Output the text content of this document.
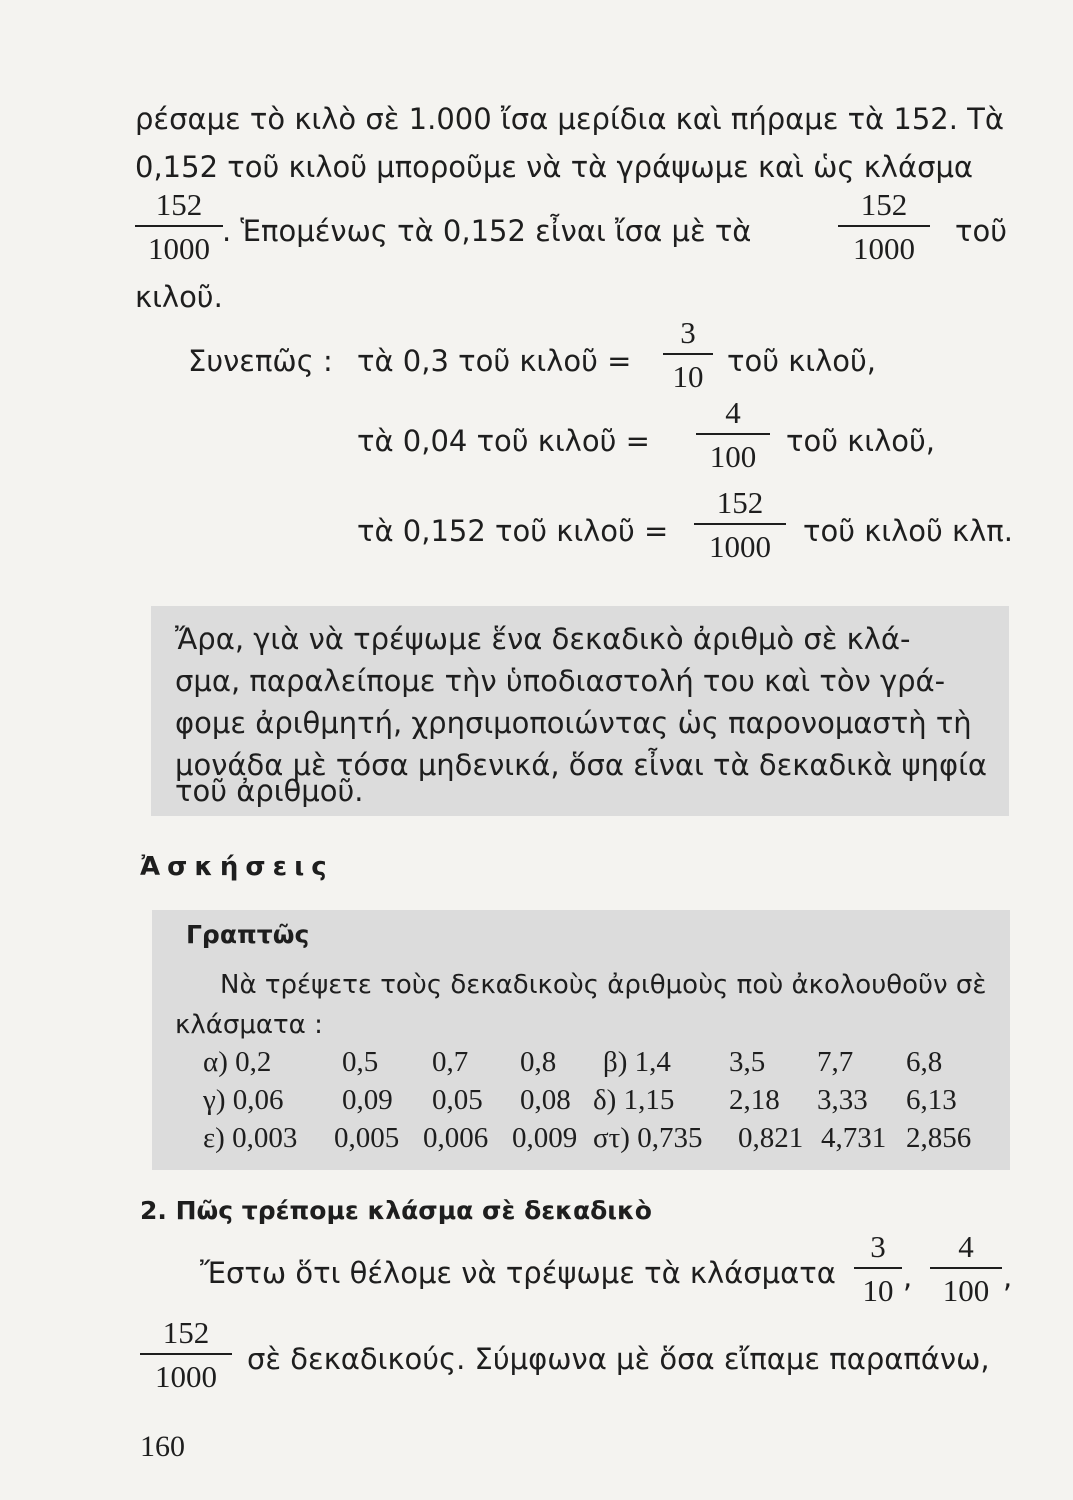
ρέσαμε τὸ κιλὸ σὲ 1.000 ἴσα μερίδια καὶ πήραμε τὰ 152. Τὰ
0,152 τοῦ κιλοῦ μποροῦμε νὰ τὰ γράψωμε καὶ ὡς κλάσμα
152
1000 . Ἑπομένως τὰ 0,152 εἶναι ἴσα μὲ τὰ
152
1000	τοῦ
κιλοῦ.
Συνεπῶς : τὰ 0,3 τοῦ κιλοῦ =
3
10 τοῦ κιλοῦ,
τὰ 0,04 τοῦ κιλοῦ =
4
100	τοῦ κιλοῦ,
τὰ 0,152 τοῦ κιλοῦ =
152
1000	τοῦ κιλοῦ κλπ.
Ἄρα, γιὰ νὰ τρέψωμε ἕνα δεκαδικὸ ἀριθμὸ σὲ κλά-
σμα, παραλείπομε τὴν ὑποδιαστολή του καὶ τὸν γρά-
φομε ἀριθμητή, χρησιμοποιώντας ὡς παρονομαστὴ τὴ
μονάδα μὲ τόσα μηδενικά, ὅσα εἶναι τὰ δεκαδικὰ ψηφία
τοῦ ἀριθμοῦ.
Ἀσκήσεις
Γραπτῶς
Νὰ τρέψετε τοὺς δεκαδικοὺς ἀριθμοὺς ποὺ ἀκολουθοῦν σὲ
κλάσματα :
α) 0,2 0,5 0,7 0,8 β) 1,4 3,5 7,7 6,8
γ) 0,06 0,09 0,05 0,08 δ) 1,15 2,18 3,33 6,13
ε) 0,003 0,005 0,006 0,009 στ) 0,735 0,821 4,731 2,856
2. Πῶς τρέπομε κλάσμα σὲ δεκαδικὸ
Ἔστω ὅτι θέλομε νὰ τρέψωμε τὰ κλάσματα
3
10 ,
4
100 ,
152
1000	σὲ δεκαδικούς. Σύμφωνα μὲ ὅσα εἴπαμε παραπάνω,
160
